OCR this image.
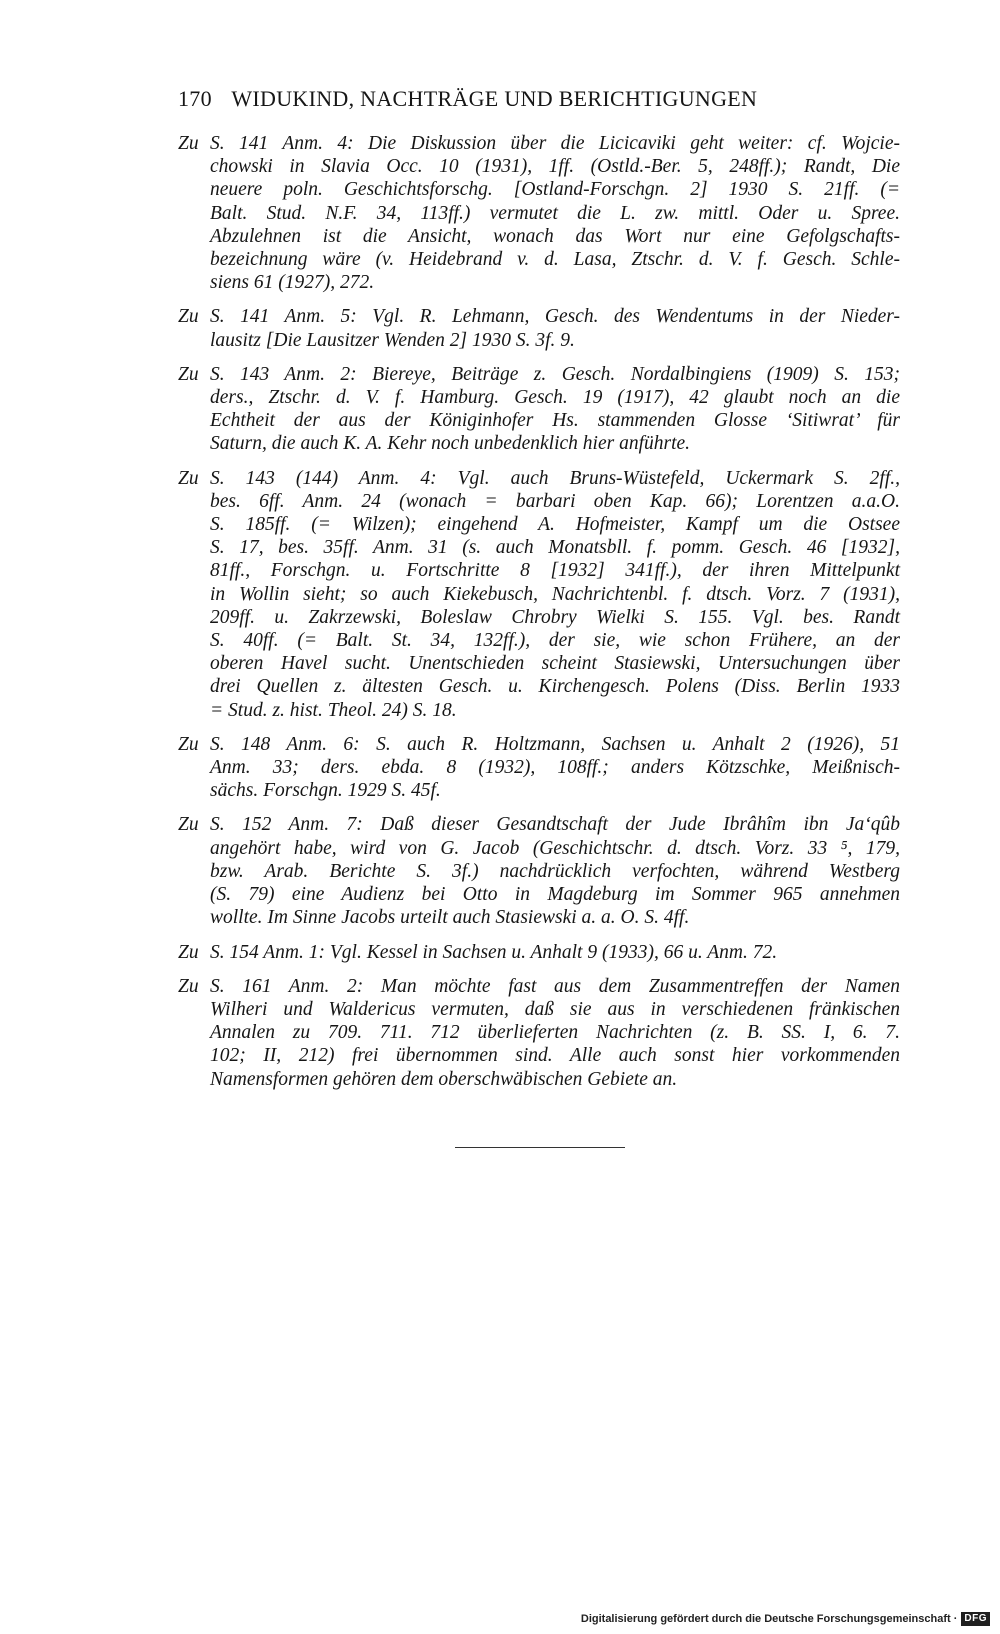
170 WIDUKIND, NACHTRÄGE UND BERICHTIGUNGEN
Zu S. 141 Anm. 4: Die Diskussion über die Licicaviki geht weiter: cf. Wojcie-
chowski in Slavia Occ. 10 (1931), 1ff. (Ostld.-Ber. 5, 248ff.); Randt, Die
neuere poln. Geschichtsforschg. [Ostland-Forschgn. 2] 1930 S. 21ff. (=
Balt. Stud. N.F. 34, 113ff.) vermutet die L. zw. mittl. Oder u. Spree.
Abzulehnen ist die Ansicht, wonach das Wort nur eine Gefolgschafts-
bezeichnung wäre (v. Heidebrand v. d. Lasa, Ztschr. d. V. f. Gesch. Schle-
siens 61 (1927), 272.
Zu S. 141 Anm. 5: Vgl. R. Lehmann, Gesch. des Wendentums in der Nieder-
lausitz [Die Lausitzer Wenden 2] 1930 S. 3f. 9.
Zu S. 143 Anm. 2: Biereye, Beiträge z. Gesch. Nordalbingiens (1909) S. 153;
ders., Ztschr. d. V. f. Hamburg. Gesch. 19 (1917), 42 glaubt noch an die
Echtheit der aus der Königinhofer Hs. stammenden Glosse ‘Sitiwrat’ für
Saturn, die auch K. A. Kehr noch unbedenklich hier anführte.
Zu S. 143 (144) Anm. 4: Vgl. auch Bruns-Wüstefeld, Uckermark S. 2ff.,
bes. 6ff. Anm. 24 (wonach = barbari oben Kap. 66); Lorentzen a.a.O.
S. 185ff. (= Wilzen); eingehend A. Hofmeister, Kampf um die Ostsee
S. 17, bes. 35ff. Anm. 31 (s. auch Monatsbll. f. pomm. Gesch. 46 [1932],
81ff., Forschgn. u. Fortschritte 8 [1932] 341ff.), der ihren Mittelpunkt
in Wollin sieht; so auch Kiekebusch, Nachrichtenbl. f. dtsch. Vorz. 7 (1931),
209ff. u. Zakrzewski, Boleslaw Chrobry Wielki S. 155. Vgl. bes. Randt
S. 40ff. (= Balt. St. 34, 132ff.), der sie, wie schon Frühere, an der
oberen Havel sucht. Unentschieden scheint Stasiewski, Untersuchungen über
drei Quellen z. ältesten Gesch. u. Kirchengesch. Polens (Diss. Berlin 1933
= Stud. z. hist. Theol. 24) S. 18.
Zu S. 148 Anm. 6: S. auch R. Holtzmann, Sachsen u. Anhalt 2 (1926), 51
Anm. 33; ders. ebda. 8 (1932), 108ff.; anders Kötzschke, Meißnisch-
sächs. Forschgn. 1929 S. 45f.
Zu S. 152 Anm. 7: Daß dieser Gesandtschaft der Jude Ibrâhîm ibn Ja‘qûb
angehört habe, wird von G. Jacob (Geschichtschr. d. dtsch. Vorz. 33 ⁵, 179,
bzw. Arab. Berichte S. 3f.) nachdrücklich verfochten, während Westberg
(S. 79) eine Audienz bei Otto in Magdeburg im Sommer 965 annehmen
wollte. Im Sinne Jacobs urteilt auch Stasiewski a. a. O. S. 4ff.
Zu S. 154 Anm. 1: Vgl. Kessel in Sachsen u. Anhalt 9 (1933), 66 u. Anm. 72.
Zu S. 161 Anm. 2: Man möchte fast aus dem Zusammentreffen der Namen
Wilheri und Waldericus vermuten, daß sie aus in verschiedenen fränkischen
Annalen zu 709. 711. 712 überlieferten Nachrichten (z. B. SS. I, 6. 7.
102; II, 212) frei übernommen sind. Alle auch sonst hier vorkommenden
Namensformen gehören dem oberschwäbischen Gebiete an.
Digitalisierung gefördert durch die Deutsche Forschungsgemeinschaft · DFG
